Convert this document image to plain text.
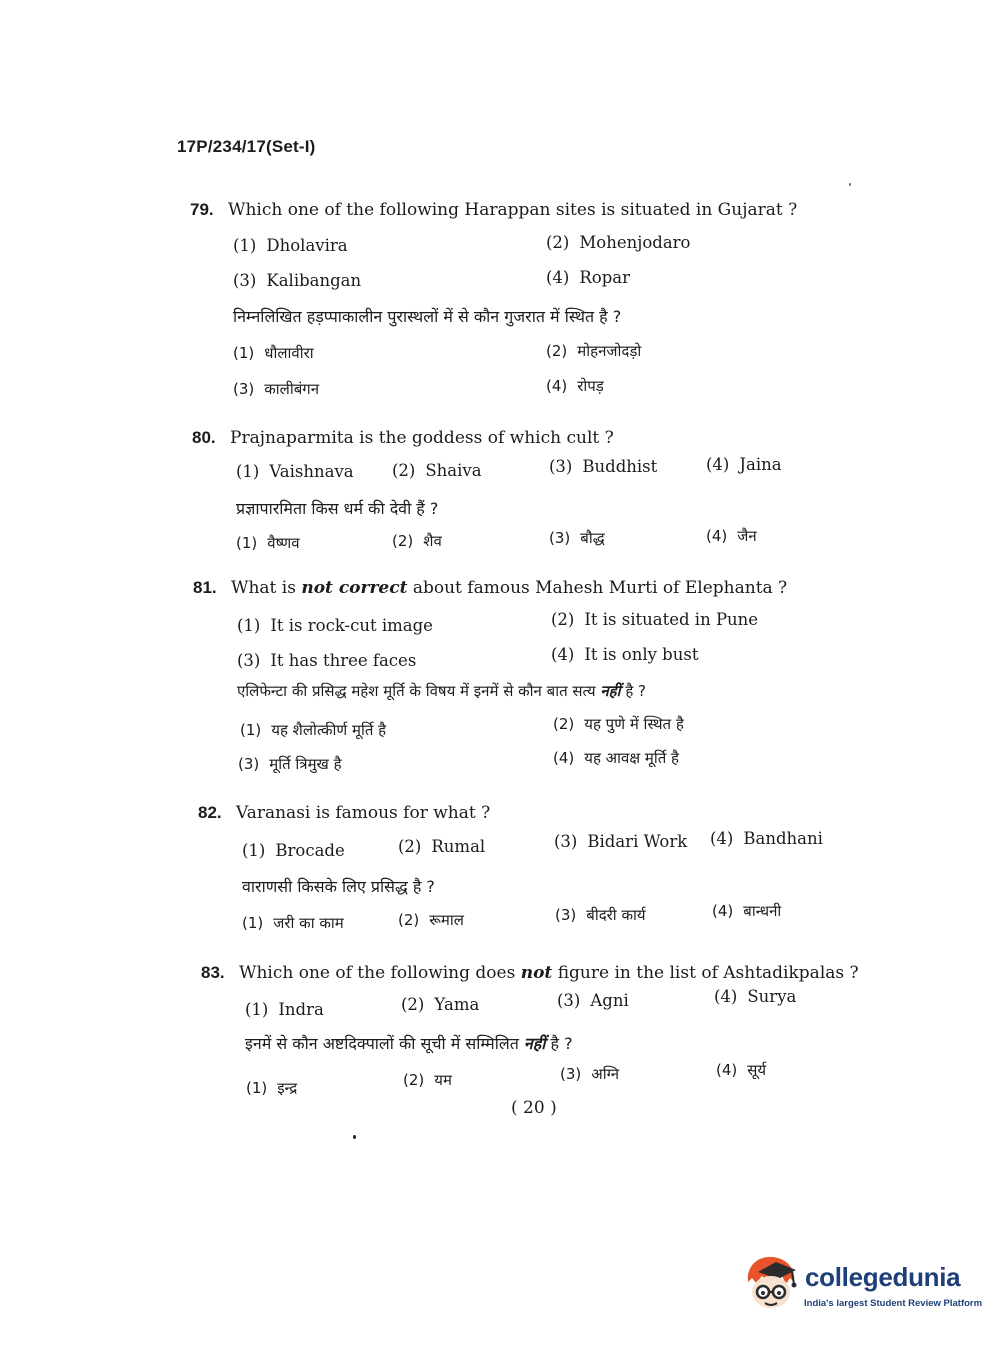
17P/234/17(Set-I)
79. Which one of the following Harappan sites is situated in Gujarat ?
(1) Dholavira	(2) Mohenjodaro
(3) Kalibangan	(4) Ropar
निम्नलिखित हड़प्पाकालीन पुरास्थलों में से कौन गुजरात में स्थित है ?
(1) धौलावीरा	(2) मोहनजोदड़ो
(3) कालीबंगन	(4) रोपड़
80. Prajnaparmita is the goddess of which cult ?
(1) Vaishnava (2) Shaiva	(3) Buddhist	(4) Jaina
प्रज्ञापारमिता किस धर्म की देवी हैं ?
(1) वैष्णव	(2) शैव	(3) बौद्ध	(4) जैन
81. What is not correct about famous Mahesh Murti of Elephanta ?
(1) It is rock-cut image	(2) It is situated in Pune
(3) It has three faces	(4) It is only bust
एलिफेन्टा की प्रसिद्ध महेश मूर्ति के विषय में इनमें से कौन बात सत्य नहीं है ?
(1) यह शैलोत्कीर्ण मूर्ति है	(2) यह पुणे में स्थित है
(3) मूर्ति त्रिमुख है	(4) यह आवक्ष मूर्ति है
82. Varanasi is famous for what ?
(1) Brocade	(2) Rumal	(3) Bidari Work (4) Bandhani
वाराणसी किसके लिए प्रसिद्ध है ?
(1) जरी का काम	(2) रूमाल	(3) बीदरी कार्य	(4) बान्धनी
83. Which one of the following does not figure in the list of Ashtadikpalas ?
(1) Indra	(2) Yama	(3) Agni	(4) Surya
इनमें से कौन अष्टदिक्पालों की सूची में सम्मिलित नहीं है ?
(1) इन्द्र	(2) यम	(3) अग्नि	(4) सूर्य
( 20 )
collegedunia
India's largest Student Review Platform
